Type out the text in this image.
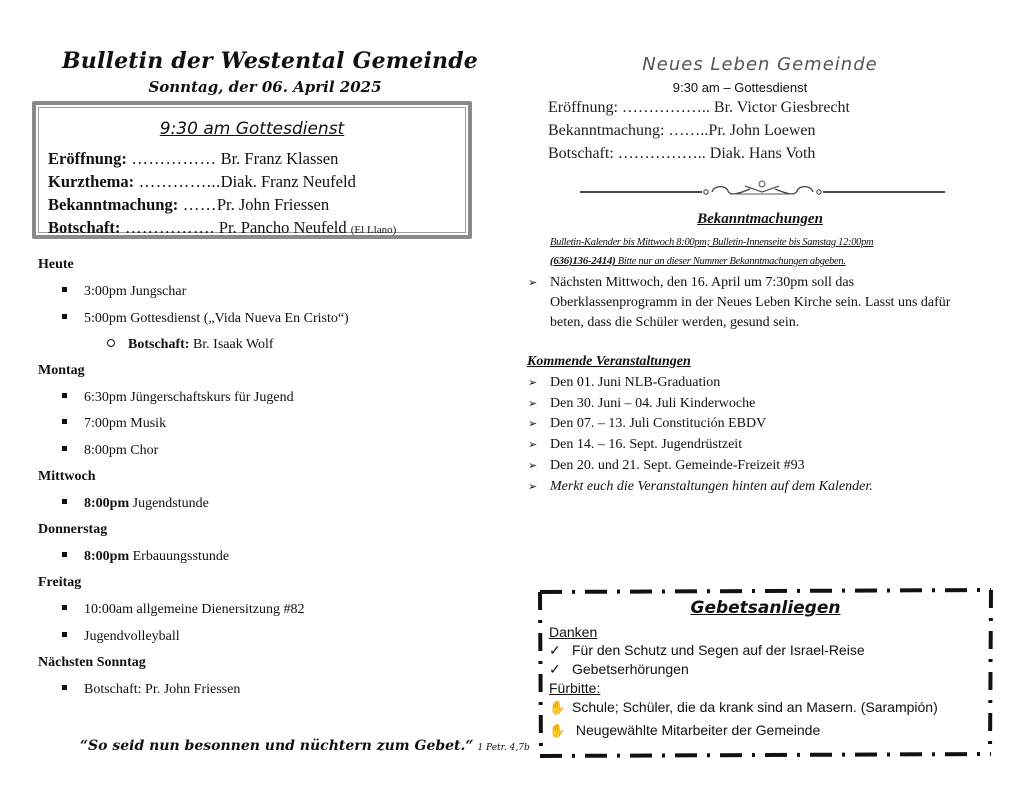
Bulletin der Westental Gemeinde
Sonntag, der 06. April 2025
9:30 am Gottesdienst
Eröffnung: …………… Br. Franz Klassen
Kurzthema: …………...Diak. Franz Neufeld
Bekanntmachung: ……Pr. John Friessen
Botschaft: ……………. Pr. Pancho Neufeld (El Llano)
Heute
3:00pm Jungschar
5:00pm Gottesdienst („Vida Nueva En Cristo“)
Botschaft: Br. Isaak Wolf
Montag
6:30pm Jüngerschaftskurs für Jugend
7:00pm Musik
8:00pm Chor
Mittwoch
8:00pm Jugendstunde
Donnerstag
8:00pm Erbauungsstunde
Freitag
10:00am allgemeine Dienersitzung #82
Jugendvolleyball
Nächsten Sonntag
Botschaft: Pr. John Friessen
“So seid nun besonnen und nüchtern zum Gebet.“ 1 Petr. 4,7b
Neues Leben Gemeinde
9:30 am – Gottesdienst
Eröffnung: …………….. Br. Victor Giesbrecht
Bekanntmachung: ……..Pr. John Loewen
Botschaft: …………….. Diak. Hans Voth
Bekanntmachungen
Bulletin-Kalender bis Mittwoch 8:00pm; Bulletin-Innenseite bis Samstag 12:00pm
(636)136-2414) Bitte nur an dieser Nummer Bekanntmachungen abgeben.
➢ Nächsten Mittwoch, den 16. April um 7:30pm soll das Oberklassenprogramm in der Neues Leben Kirche sein. Lasst uns dafür beten, dass die Schüler werden, gesund sein.
Kommende Veranstaltungen
➢ Den 01. Juni NLB-Graduation
➢ Den 30. Juni – 04. Juli Kinderwoche
➢ Den 07. – 13. Juli Constitución EBDV
➢ Den 14. – 16. Sept. Jugendrüstzeit
➢ Den 20. und 21. Sept. Gemeinde-Freizeit #93
➢ Merkt euch die Veranstaltungen hinten auf dem Kalender.
Gebetsanliegen
Danken
✓ Für den Schutz und Segen auf der Israel-Reise
✓ Gebetserhörungen
Fürbitte:
✋ Schule; Schüler, die da krank sind an Masern. (Sarampión)
✋ Neugewählte Mitarbeiter der Gemeinde
